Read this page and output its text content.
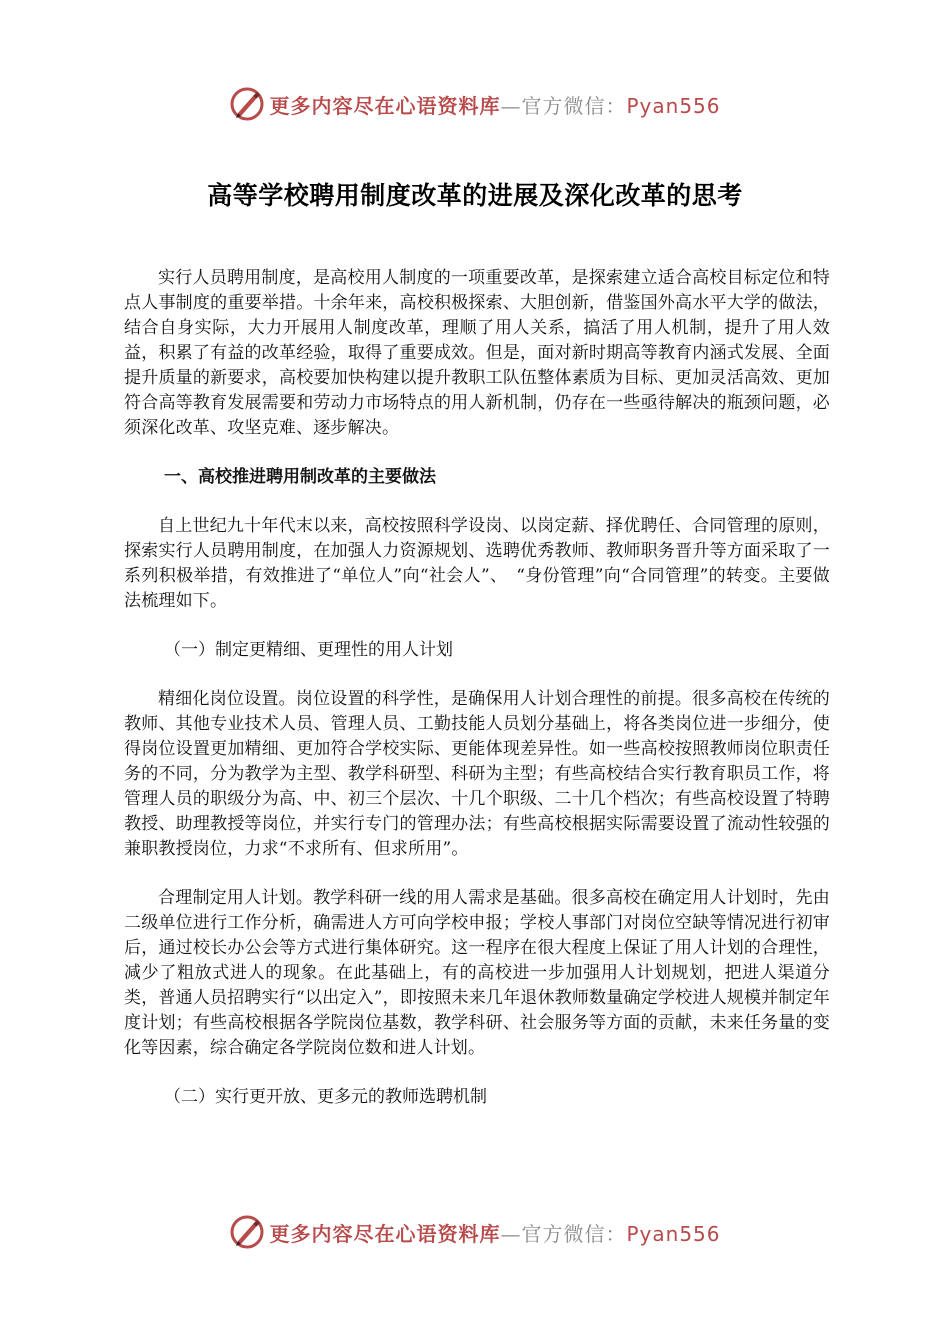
更多内容尽在心语资料库—官方微信：Pyan556
高等学校聘用制度改革的进展及深化改革的思考

实行人员聘用制度，是高校用人制度的一项重要改革，是探索建立适合高校目标定位和特点人事制度的重要举措。十余年来，高校积极探索、大胆创新，借鉴国外高水平大学的做法，结合自身实际，大力开展用人制度改革，理顺了用人关系，搞活了用人机制，提升了用人效益，积累了有益的改革经验，取得了重要成效。但是，面对新时期高等教育内涵式发展、全面提升质量的新要求，高校要加快构建以提升教职工队伍整体素质为目标、更加灵活高效、更加符合高等教育发展需要和劳动力市场特点的用人新机制，仍存在一些亟待解决的瓶颈问题，必须深化改革、攻坚克难、逐步解决。

一、高校推进聘用制改革的主要做法

自上世纪九十年代末以来，高校按照科学设岗、以岗定薪、择优聘任、合同管理的原则，探索实行人员聘用制度，在加强人力资源规划、选聘优秀教师、教师职务晋升等方面采取了一系列积极举措，有效推进了“单位人”向“社会人”、　“身份管理”向“合同管理”的转变。主要做法梳理如下。

（一）制定更精细、更理性的用人计划

精细化岗位设置。岗位设置的科学性，是确保用人计划合理性的前提。很多高校在传统的教师、其他专业技术人员、管理人员、工勤技能人员划分基础上，将各类岗位进一步细分，使得岗位设置更加精细、更加符合学校实际、更能体现差异性。如一些高校按照教师岗位职责任务的不同，分为教学为主型、教学科研型、科研为主型；有些高校结合实行教育职员工作，将管理人员的职级分为高、中、初三个层次、十几个职级、二十几个档次；有些高校设置了特聘教授、助理教授等岗位，并实行专门的管理办法；有些高校根据实际需要设置了流动性较强的兼职教授岗位，力求“不求所有、但求所用”。

合理制定用人计划。教学科研一线的用人需求是基础。很多高校在确定用人计划时，先由二级单位进行工作分析，确需进人方可向学校申报；学校人事部门对岗位空缺等情况进行初审后，通过校长办公会等方式进行集体研究。这一程序在很大程度上保证了用人计划的合理性，减少了粗放式进人的现象。在此基础上，有的高校进一步加强用人计划规划，把进人渠道分类，普通人员招聘实行“以出定入”，即按照未来几年退休教师数量确定学校进人规模并制定年度计划；有些高校根据各学院岗位基数，教学科研、社会服务等方面的贡献，未来任务量的变化等因素，综合确定各学院岗位数和进人计划。

（二）实行更开放、更多元的教师选聘机制
更多内容尽在心语资料库—官方微信：Pyan556
